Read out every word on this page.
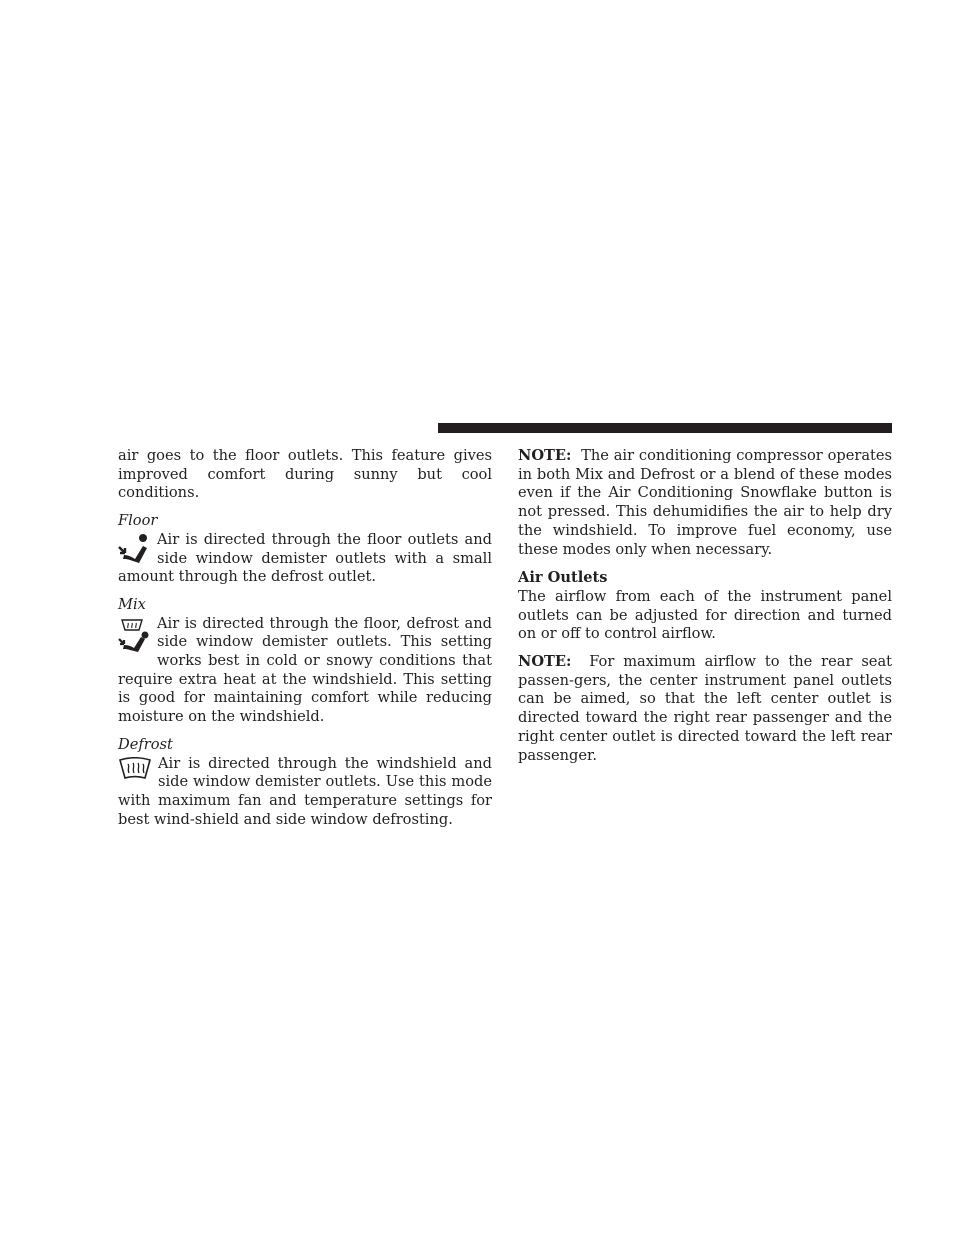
air goes to the floor outlets. This feature gives improved comfort during sunny but cool conditions.

Floor

Air is directed through the floor outlets and side window demister outlets with a small amount through the defrost outlet.

Mix

Air is directed through the floor, defrost and side window demister outlets. This setting works best in cold or snowy conditions that require extra heat at the windshield. This setting is good for maintaining comfort while reducing moisture on the windshield.

Defrost

Air is directed through the windshield and side window demister outlets. Use this mode with maximum fan and temperature settings for best wind-shield and side window defrosting.

NOTE: The air conditioning compressor operates in both Mix and Defrost or a blend of these modes even if the Air Conditioning Snowflake button is not pressed. This dehumidifies the air to help dry the windshield. To improve fuel economy, use these modes only when necessary.

Air Outlets

The airflow from each of the instrument panel outlets can be adjusted for direction and turned on or off to control airflow.

NOTE: For maximum airflow to the rear seat passen-gers, the center instrument panel outlets can be aimed, so that the left center outlet is directed toward the right rear passenger and the right center outlet is directed toward the left rear passenger.
